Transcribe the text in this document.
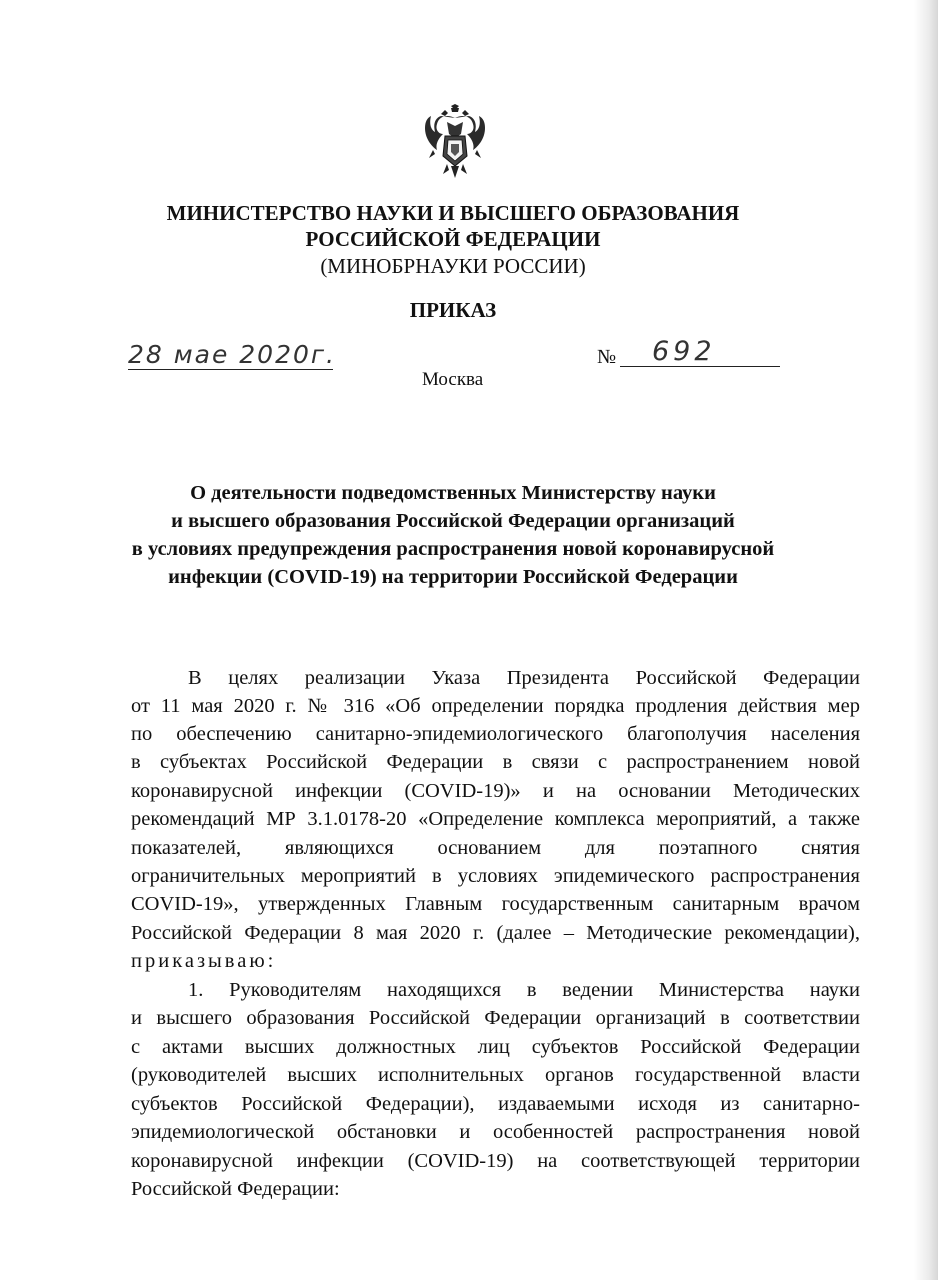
МИНИСТЕРСТВО НАУКИ И ВЫСШЕГО ОБРАЗОВАНИЯ
РОССИЙСКОЙ ФЕДЕРАЦИИ
(МИНОБРНАУКИ РОССИИ)
ПРИКАЗ
28 мае 2020г.	№ 692
Москва
О деятельности подведомственных Министерству науки
и высшего образования Российской Федерации организаций
в условиях предупреждения распространения новой коронавирусной
инфекции (COVID-19) на территории Российской Федерации
В целях реализации Указа Президента Российской Федерации
от 11 мая 2020 г. № 316 «Об определении порядка продления действия мер
по обеспечению санитарно-эпидемиологического благополучия населения
в субъектах Российской Федерации в связи с распространением новой
коронавирусной инфекции (COVID-19)» и на основании Методических
рекомендаций МР 3.1.0178-20 «Определение комплекса мероприятий, а также
показателей, являющихся основанием для поэтапного снятия
ограничительных мероприятий в условиях эпидемического распространения
COVID-19», утвержденных Главным государственным санитарным врачом
Российской Федерации 8 мая 2020 г. (далее – Методические рекомендации),
приказываю:
1. Руководителям находящихся в ведении Министерства науки
и высшего образования Российской Федерации организаций в соответствии
с актами высших должностных лиц субъектов Российской Федерации
(руководителей высших исполнительных органов государственной власти
субъектов Российской Федерации), издаваемыми исходя из санитарно-
эпидемиологической обстановки и особенностей распространения новой
коронавирусной инфекции (COVID-19) на соответствующей территории
Российской Федерации:
